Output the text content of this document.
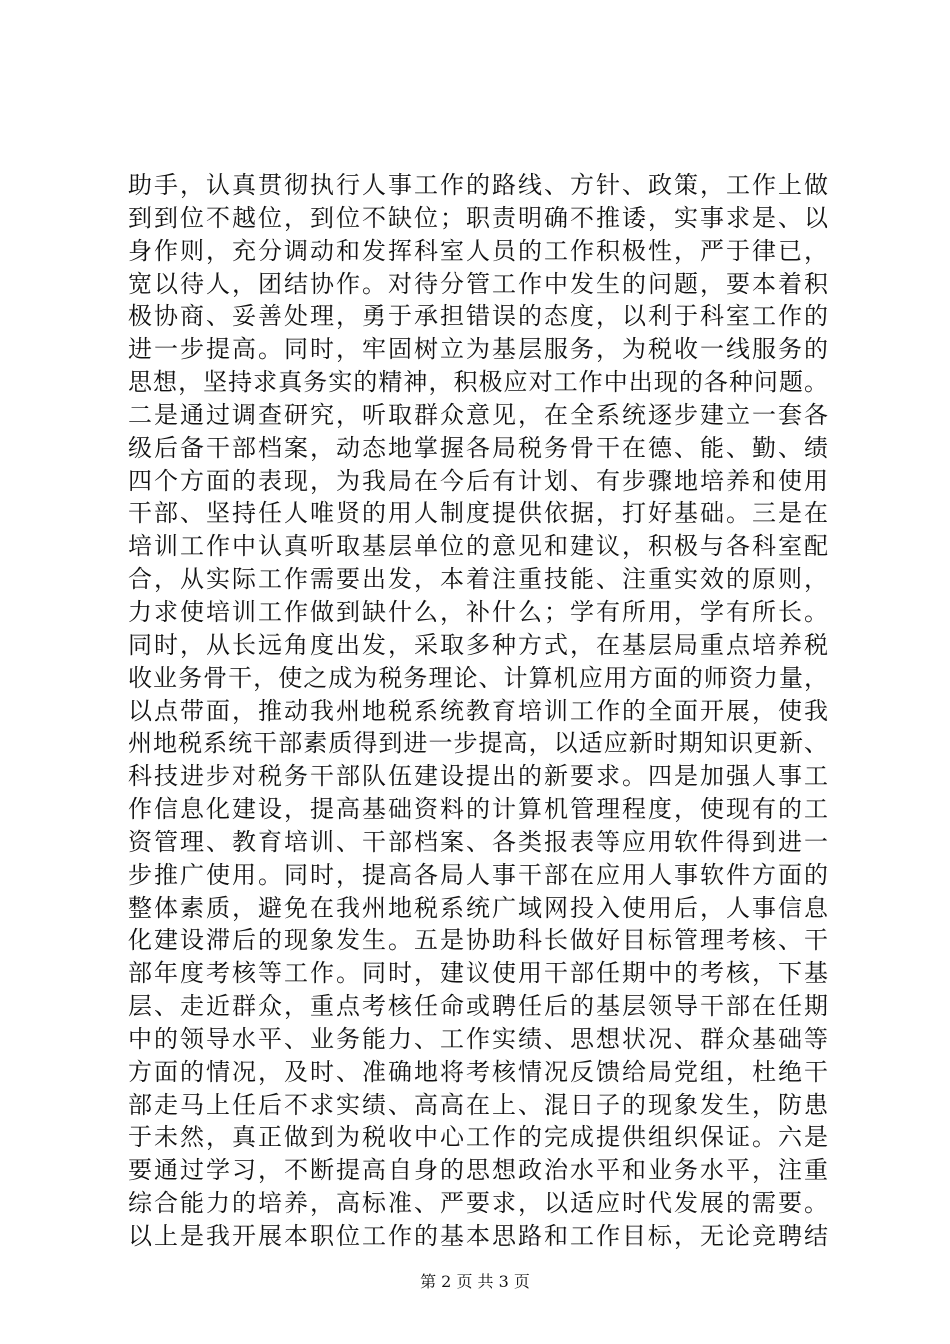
助手，认真贯彻执行人事工作的路线、方针、政策，工作上做
到到位不越位，到位不缺位；职责明确不推诿，实事求是、以
身作则，充分调动和发挥科室人员的工作积极性，严于律已，
宽以待人，团结协作。对待分管工作中发生的问题，要本着积
极协商、妥善处理，勇于承担错误的态度，以利于科室工作的
进一步提高。同时，牢固树立为基层服务，为税收一线服务的
思想，坚持求真务实的精神，积极应对工作中出现的各种问题。
二是通过调查研究，听取群众意见，在全系统逐步建立一套各
级后备干部档案，动态地掌握各局税务骨干在德、能、勤、绩
四个方面的表现，为我局在今后有计划、有步骤地培养和使用
干部、坚持任人唯贤的用人制度提供依据，打好基础。三是在
培训工作中认真听取基层单位的意见和建议，积极与各科室配
合，从实际工作需要出发，本着注重技能、注重实效的原则，
力求使培训工作做到缺什么，补什么；学有所用，学有所长。
同时，从长远角度出发，采取多种方式，在基层局重点培养税
收业务骨干，使之成为税务理论、计算机应用方面的师资力量，
以点带面，推动我州地税系统教育培训工作的全面开展，使我
州地税系统干部素质得到进一步提高，以适应新时期知识更新、
科技进步对税务干部队伍建设提出的新要求。四是加强人事工
作信息化建设，提高基础资料的计算机管理程度，使现有的工
资管理、教育培训、干部档案、各类报表等应用软件得到进一
步推广使用。同时，提高各局人事干部在应用人事软件方面的
整体素质，避免在我州地税系统广域网投入使用后，人事信息
化建设滞后的现象发生。五是协助科长做好目标管理考核、干
部年度考核等工作。同时，建议使用干部任期中的考核，下基
层、走近群众，重点考核任命或聘任后的基层领导干部在任期
中的领导水平、业务能力、工作实绩、思想状况、群众基础等
方面的情况，及时、准确地将考核情况反馈给局党组，杜绝干
部走马上任后不求实绩、高高在上、混日子的现象发生，防患
于未然，真正做到为税收中心工作的完成提供组织保证。六是
要通过学习，不断提高自身的思想政治水平和业务水平，注重
综合能力的培养，高标准、严要求，以适应时代发展的需要。
以上是我开展本职位工作的基本思路和工作目标，无论竞聘结
第 2 页 共 3 页
